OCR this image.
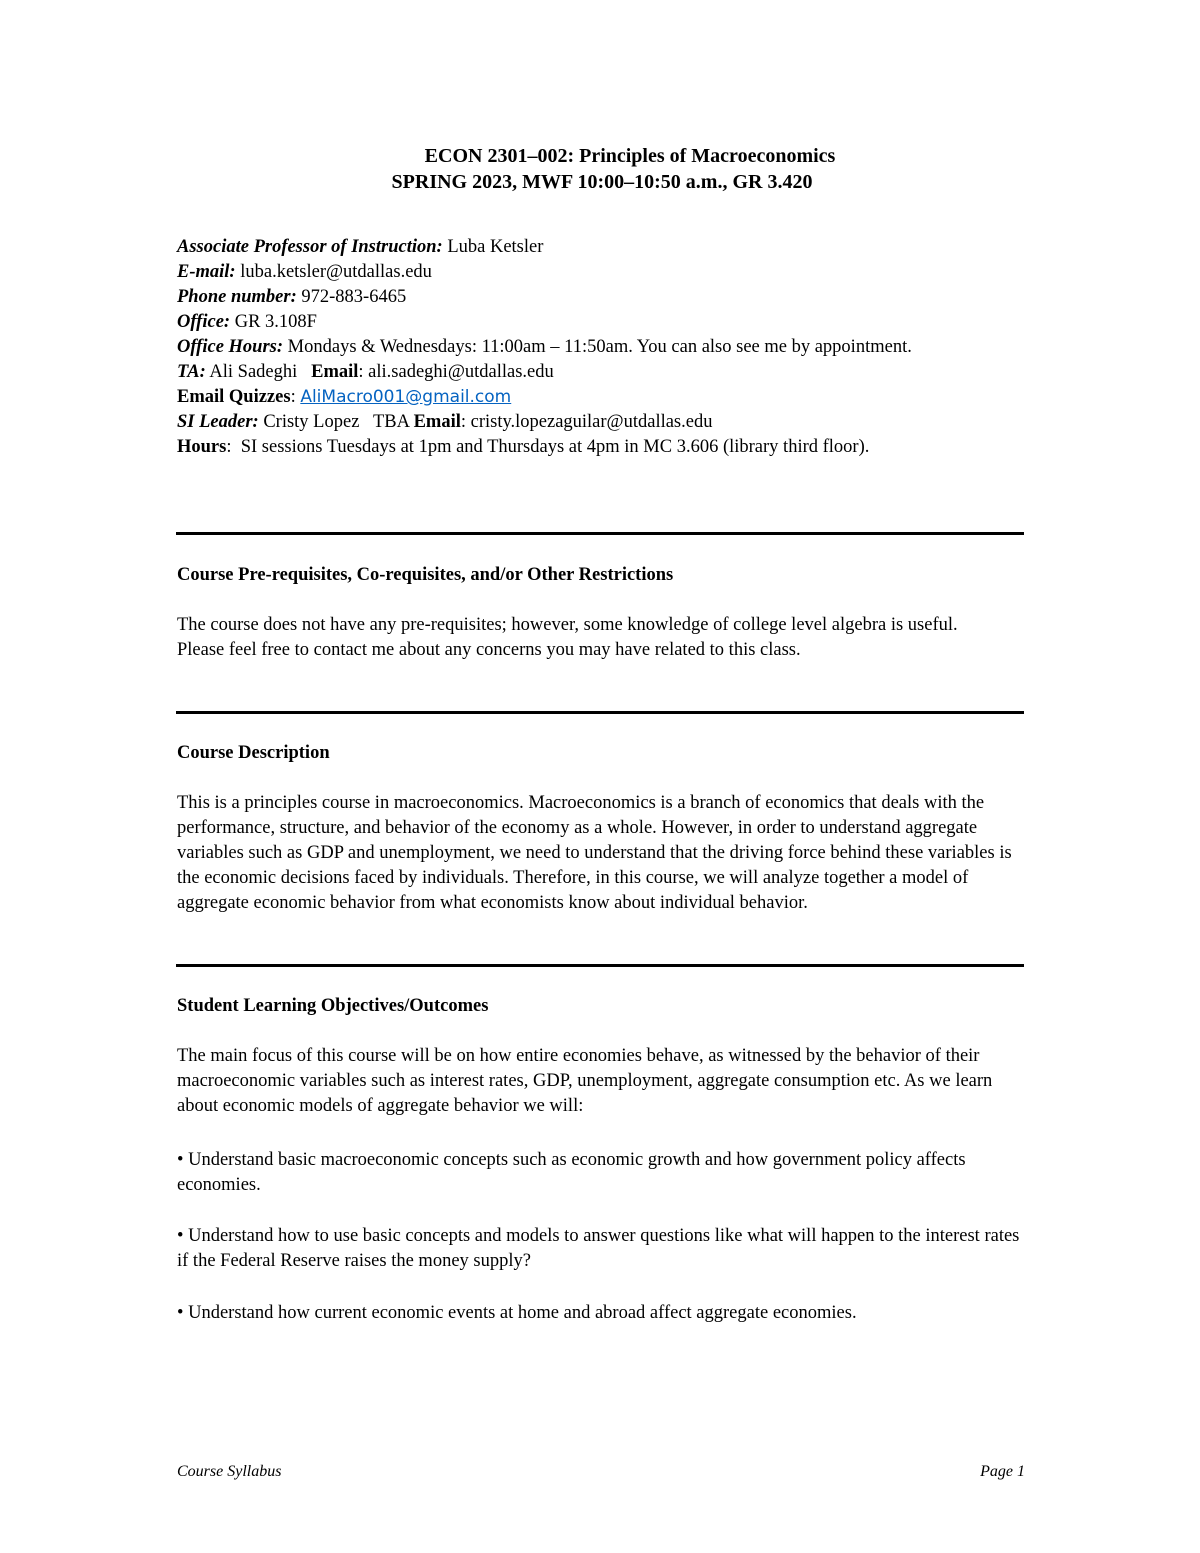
ECON 2301–002: Principles of Macroeconomics
SPRING 2023, MWF 10:00–10:50 a.m., GR 3.420

Associate Professor of Instruction: Luba Ketsler

E-mail: luba.ketsler@utdallas.edu

Phone number: 972-883-6465

Office: GR 3.108F

Office Hours: Mondays & Wednesdays: 11:00am – 11:50am. You can also see me by appointment.

TA: Ali Sadeghi   Email: ali.sadeghi@utdallas.edu

Email Quizzes: AliMacro001@gmail.com

SI Leader: Cristy Lopez   TBA Email: cristy.lopezaguilar@utdallas.edu

Hours:  SI sessions Tuesdays at 1pm and Thursdays at 4pm in MC 3.606 (library third floor).

Course Pre-requisites, Co-requisites, and/or Other Restrictions

The course does not have any pre-requisites; however, some knowledge of college level algebra is useful.

Please feel free to contact me about any concerns you may have related to this class.

Course Description

This is a principles course in macroeconomics. Macroeconomics is a branch of economics that deals with the performance, structure, and behavior of the economy as a whole. However, in order to understand aggregate variables such as GDP and unemployment, we need to understand that the driving force behind these variables is the economic decisions faced by individuals. Therefore, in this course, we will analyze together a model of aggregate economic behavior from what economists know about individual behavior.

Student Learning Objectives/Outcomes

The main focus of this course will be on how entire economies behave, as witnessed by the behavior of their macroeconomic variables such as interest rates, GDP, unemployment, aggregate consumption etc. As we learn about economic models of aggregate behavior we will:

• Understand basic macroeconomic concepts such as economic growth and how government policy affects economies.

• Understand how to use basic concepts and models to answer questions like what will happen to the interest rates if the Federal Reserve raises the money supply?

• Understand how current economic events at home and abroad affect aggregate economies.

Course Syllabus	Page 1
